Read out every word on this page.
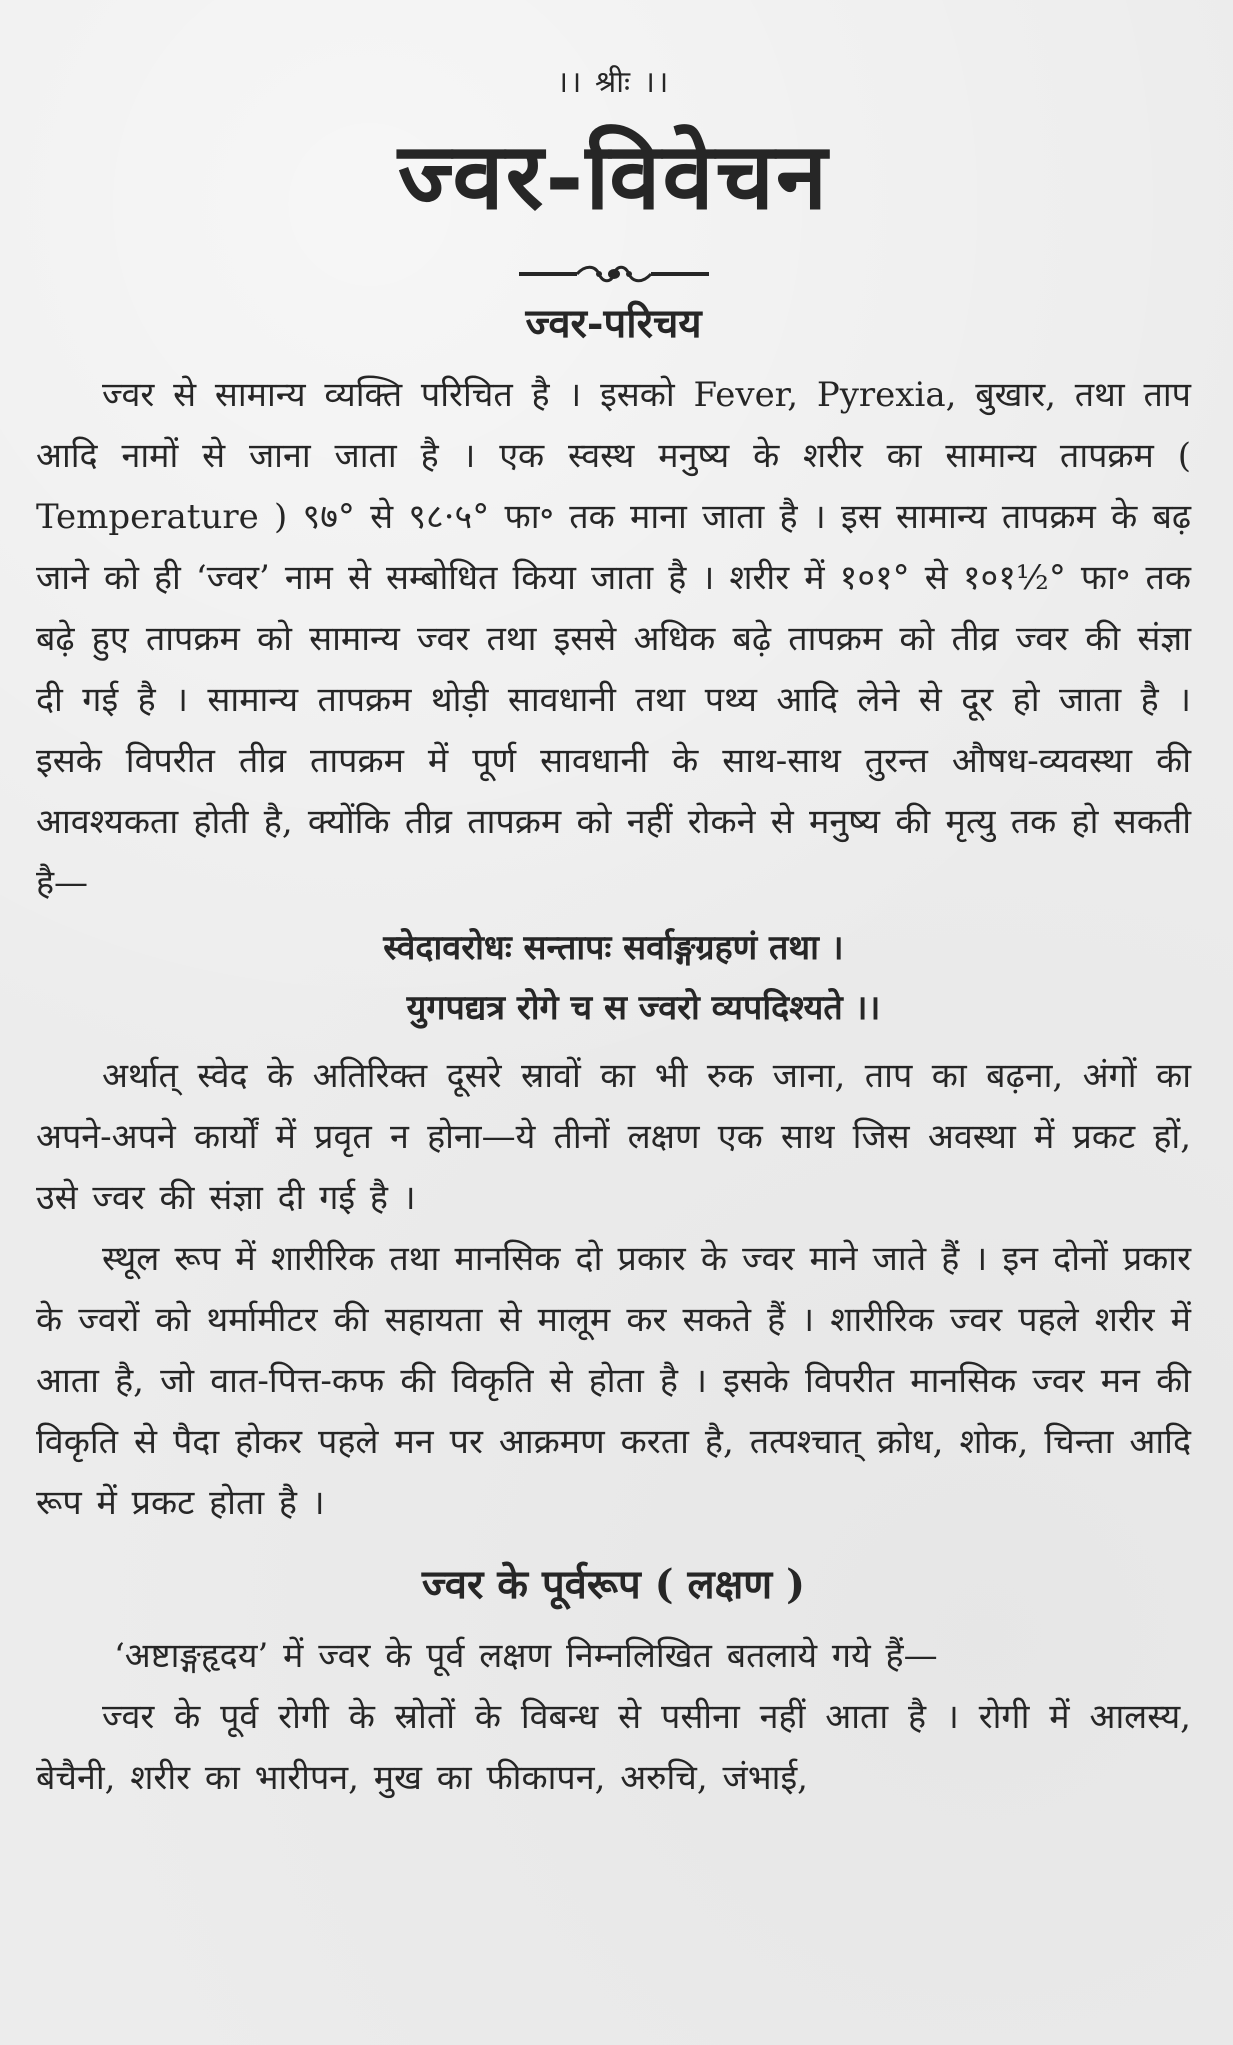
।। श्रीः ।।
ज्वर-विवेचन
ज्वर-परिचय

ज्वर से सामान्य व्यक्ति परिचित है । इसको Fever, Pyrexia, बुखार, तथा ताप आदि नामों से जाना जाता है । एक स्वस्थ मनुष्य के शरीर का सामान्य तापक्रम ( Temperature ) ९७° से ९८·५° फा॰ तक माना जाता है । इस सामान्य तापक्रम के बढ़ जाने को ही ‘ज्वर’ नाम से सम्बोधित किया जाता है । शरीर में १०१° से १०१½° फा॰ तक बढ़े हुए तापक्रम को सामान्य ज्वर तथा इससे अधिक बढ़े तापक्रम को तीव्र ज्वर की संज्ञा दी गई है । सामान्य तापक्रम थोड़ी सावधानी तथा पथ्य आदि लेने से दूर हो जाता है । इसके विपरीत तीव्र तापक्रम में पूर्ण सावधानी के साथ-साथ तुरन्त औषध-व्यवस्था की आवश्यकता होती है, क्योंकि तीव्र तापक्रम को नहीं रोकने से मनुष्य की मृत्यु तक हो सकती है—

स्वेदावरोधः सन्तापः सर्वाङ्गग्रहणं तथा ।
युगपद्यत्र रोगे च स ज्वरो व्यपदिश्यते ।।

अर्थात् स्वेद के अतिरिक्त दूसरे स्रावों का भी रुक जाना, ताप का बढ़ना, अंगों का अपने-अपने कार्यों में प्रवृत न होना—ये तीनों लक्षण एक साथ जिस अवस्था में प्रकट हों, उसे ज्वर की संज्ञा दी गई है ।

स्थूल रूप में शारीरिक तथा मानसिक दो प्रकार के ज्वर माने जाते हैं । इन दोनों प्रकार के ज्वरों को थर्मामीटर की सहायता से मालूम कर सकते हैं । शारीरिक ज्वर पहले शरीर में आता है, जो वात-पित्त-कफ की विकृति से होता है । इसके विपरीत मानसिक ज्वर मन की विकृति से पैदा होकर पहले मन पर आक्रमण करता है, तत्पश्चात् क्रोध, शोक, चिन्ता आदि रूप में प्रकट होता है ।

ज्वर के पूर्वरूप ( लक्षण )

‘अष्टाङ्गहृदय’ में ज्वर के पूर्व लक्षण निम्नलिखित बतलाये गये हैं—

ज्वर के पूर्व रोगी के स्रोतों के विबन्ध से पसीना नहीं आता है । रोगी में आलस्य, बेचैनी, शरीर का भारीपन, मुख का फीकापन, अरुचि, जंभाई,
